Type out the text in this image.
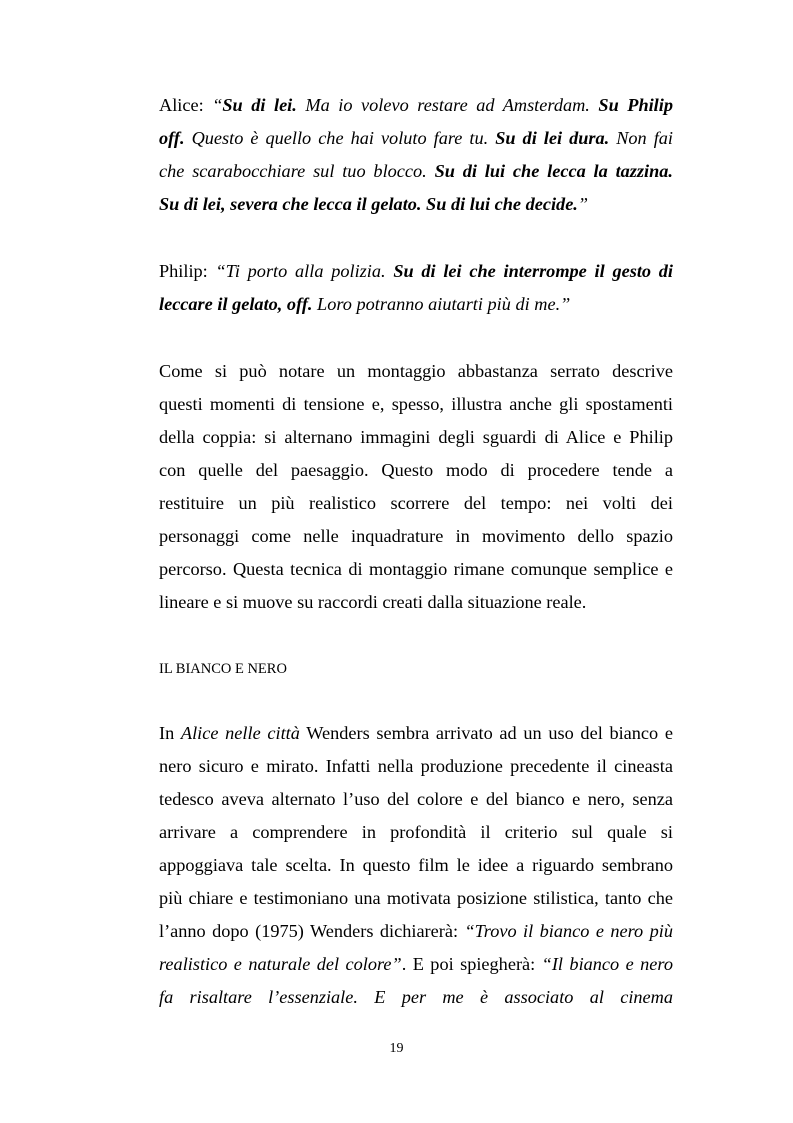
Alice: “Su di lei. Ma io volevo restare ad Amsterdam. Su Philip
off. Questo è quello che hai voluto fare tu. Su di lei dura. Non fai
che scarabocchiare sul tuo blocco. Su di lui che lecca la tazzina.
Su di lei, severa che lecca il gelato. Su di lui che decide.”
Philip: “Ti porto alla polizia. Su di lei che interrompe il gesto di
leccare il gelato, off. Loro potranno aiutarti più di me.”
Come si può notare un montaggio abbastanza serrato descrive
questi momenti di tensione e, spesso, illustra anche gli spostamenti
della coppia: si alternano immagini degli sguardi di Alice e Philip
con quelle del paesaggio. Questo modo di procedere tende a
restituire un più realistico scorrere del tempo: nei volti dei
personaggi come nelle inquadrature in movimento dello spazio
percorso. Questa tecnica di montaggio rimane comunque semplice e
lineare e si muove su raccordi creati dalla situazione reale.

IL BIANCO E NERO

In Alice nelle città Wenders sembra arrivato ad un uso del bianco e
nero sicuro e mirato. Infatti nella produzione precedente il cineasta
tedesco aveva alternato l’uso del colore e del bianco e nero, senza
arrivare a comprendere in profondità il criterio sul quale si
appoggiava tale scelta. In questo film le idee a riguardo sembrano
più chiare e testimoniano una motivata posizione stilistica, tanto che
l’anno dopo (1975) Wenders dichiarerà: “Trovo il bianco e nero più
realistico e naturale del colore”. E poi spiegherà: “Il bianco e nero
fa risaltare l’essenziale. E per me è associato al cinema

19
